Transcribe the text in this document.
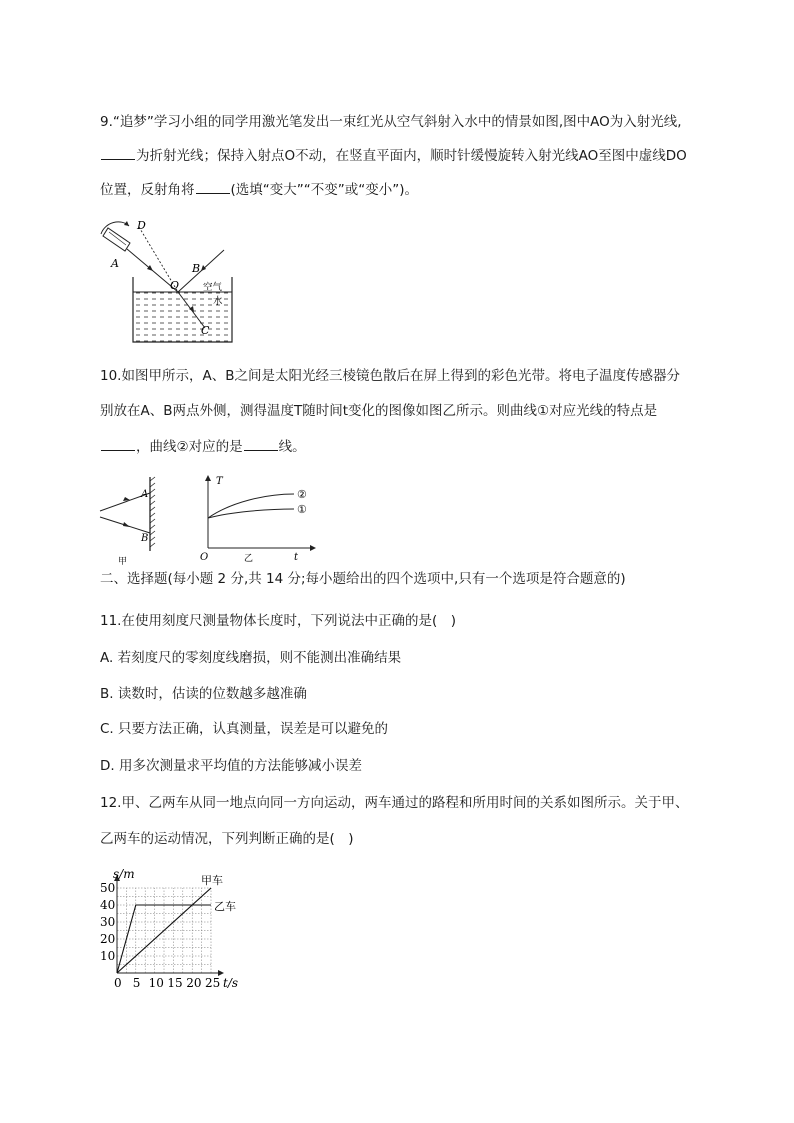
9.“追梦”学习小组的同学用激光笔发出一束红光从空气斜射入水中的情景如图,图中AO为入射光线,
为折射光线；保持入射点O不动，在竖直平面内，顺时针缓慢旋转入射光线AO至图中虚线DO
位置，反射角将	(选填“变大”“不变”或“变小”)。
D
A	B
O
C
空气
水
10.如图甲所示，A、B之间是太阳光经三棱镜色散后在屏上得到的彩色光带。将电子温度传感器分
别放在A、B两点外侧，测得温度T随时间t变化的图像如图乙所示。则曲线①对应光线的特点是
，曲线②对应的是	线。
A
B
甲
T
O	t
乙
②
①
二、选择题(每小题 2 分,共 14 分;每小题给出的四个选项中,只有一个选项是符合题意的)
11.在使用刻度尺测量物体长度时，下列说法中正确的是(　)
A. 若刻度尺的零刻度线磨损，则不能测出准确结果
B. 读数时，估读的位数越多越准确
C. 只要方法正确，认真测量，误差是可以避免的
D. 用多次测量求平均值的方法能够减小误差
12.甲、乙两车从同一地点向同一方向运动，两车通过的路程和所用时间的关系如图所示。关于甲、
乙两车的运动情况，下列判断正确的是(　)
0 5 10 15 20 25
10
20
30
40
50
t/s
s/m	甲车
乙车
